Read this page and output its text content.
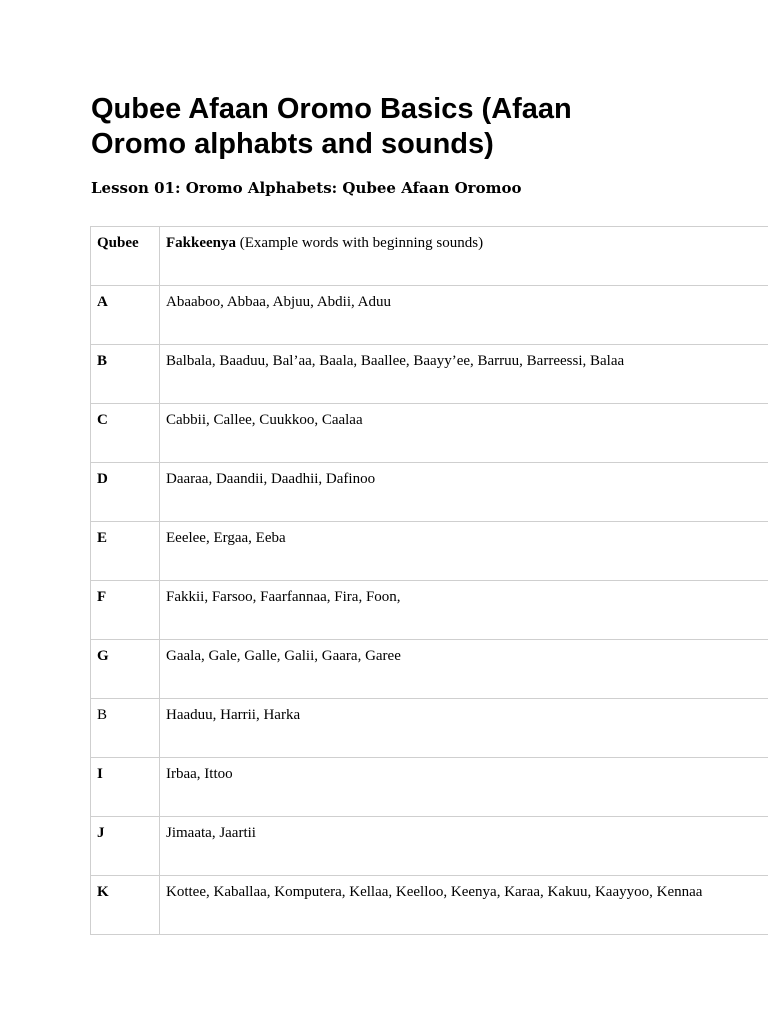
Qubee Afaan Oromo Basics (Afaan Oromo alphabts and sounds)
Lesson 01: Oromo Alphabets: Qubee Afaan Oromoo
Qubee	Fakkeenya (Example words with beginning sounds)
A	Abaaboo, Abbaa, Abjuu, Abdii, Aduu
B	Balbala, Baaduu, Bal’aa, Baala, Baallee, Baayy’ee, Barruu, Barreessi, Balaa
C	Cabbii, Callee, Cuukkoo, Caalaa
D	Daaraa, Daandii, Daadhii, Dafinoo
E	Eeelee, Ergaa, Eeba
F	Fakkii, Farsoo, Faarfannaa, Fira, Foon,
G	Gaala, Gale, Galle, Galii, Gaara, Garee
B	Haaduu, Harrii, Harka
I	Irbaa, Ittoo
J	Jimaata, Jaartii
K	Kottee, Kaballaa, Komputera, Kellaa, Keelloo, Keenya, Karaa, Kakuu, Kaayyoo, Kennaa
